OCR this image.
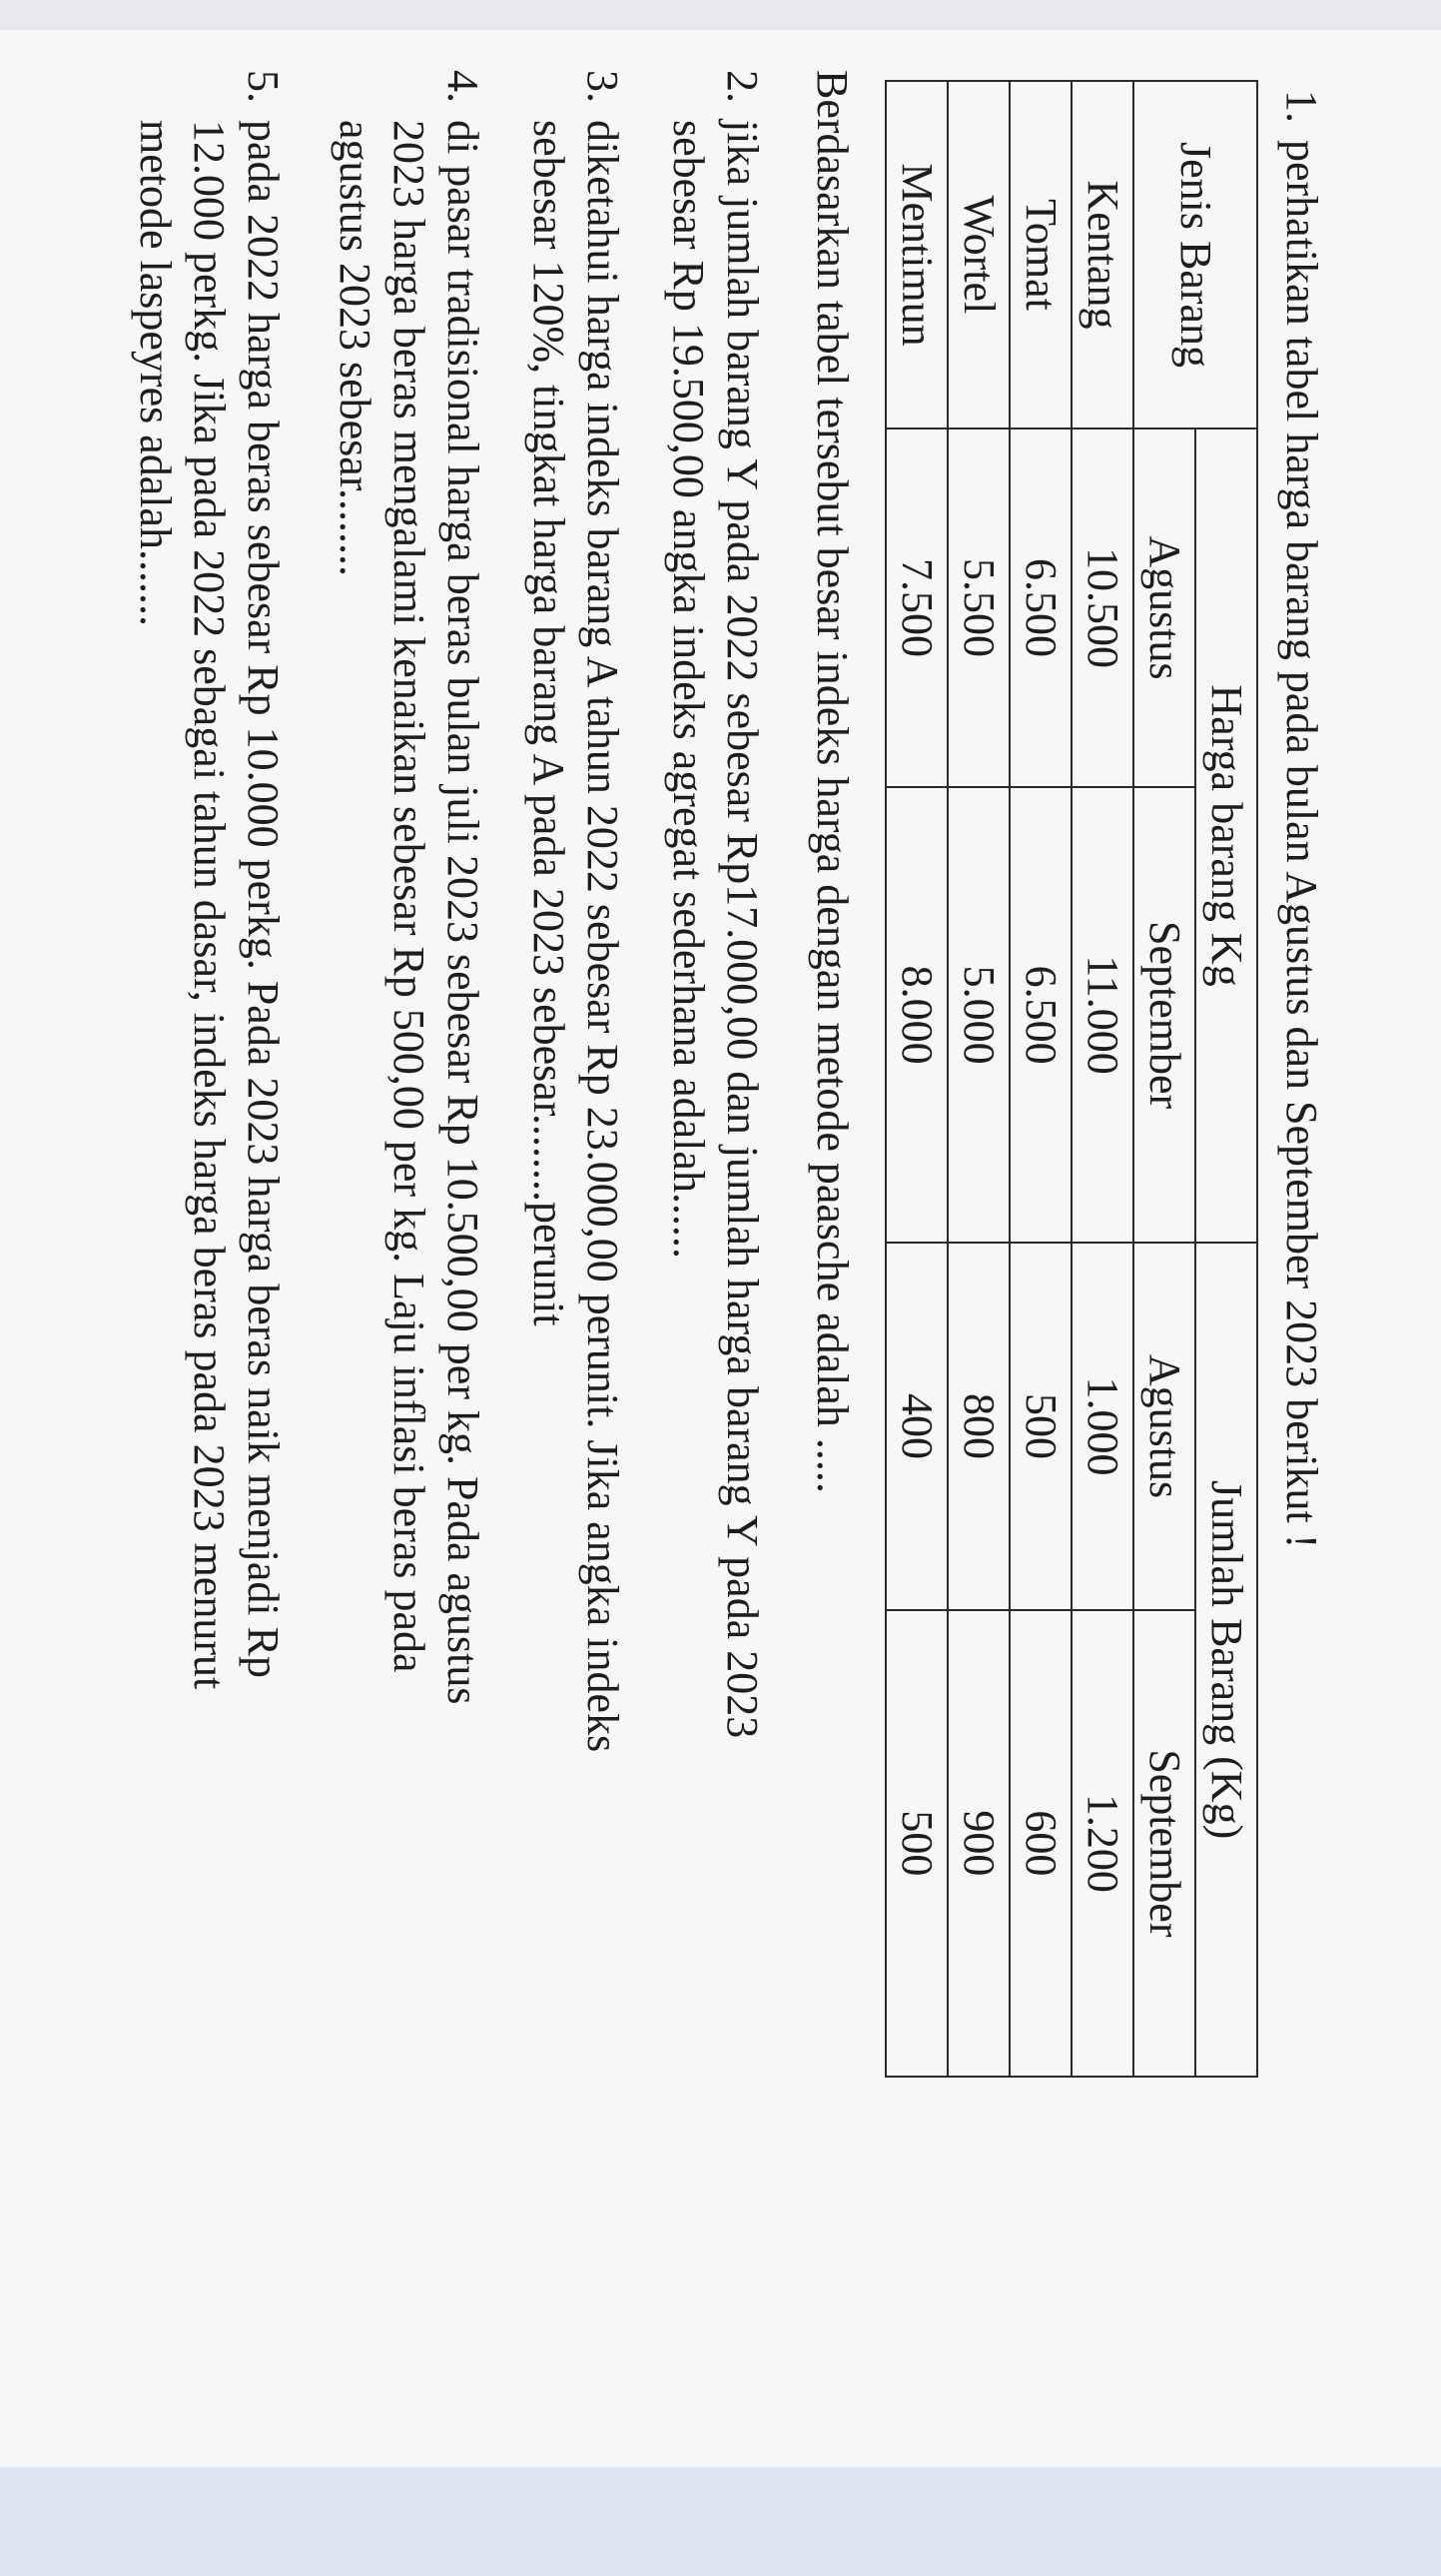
1.
perhatikan tabel harga barang pada bulan Agustus dan September 2023 berikut !
Jenis Barang	Harga barang Kg		Jumlah Barang (Kg)	
	Agustus	September	Agustus	September
Kentang	10.500	11.000	1.000	1.200
Tomat	6.500	6.500	500	600
Wortel	5.500	5.000	800	900
Mentimun	7.500	8.000	400	500
Berdasarkan tabel tersebut besar indeks harga dengan metode paasche adalah .....
2.
jika jumlah barang Y pada 2022 sebesar Rp17.000,00 dan jumlah harga barang Y pada 2023
sebesar Rp 19.500,00 angka indeks agregat sederhana adalah......
3.
diketahui harga indeks barang A tahun 2022 sebesar Rp 23.000,00 perunit. Jika angka indeks
sebesar 120%, tingkat harga barang A pada 2023 sebesar........perunit
4.
di pasar tradisional harga beras bulan juli 2023 sebesar Rp 10.500,00 per kg. Pada agustus
2023 harga beras mengalami kenaikan sebesar Rp 500,00 per kg. Laju inflasi beras pada
agustus 2023 sebesar........
5.
pada 2022 harga beras sebesar Rp 10.000 perkg. Pada 2023 harga beras naik menjadi Rp
12.000 perkg. Jika pada 2022 sebagai tahun dasar, indeks harga beras pada 2023 menurut
metode laspeyres adalah.......
